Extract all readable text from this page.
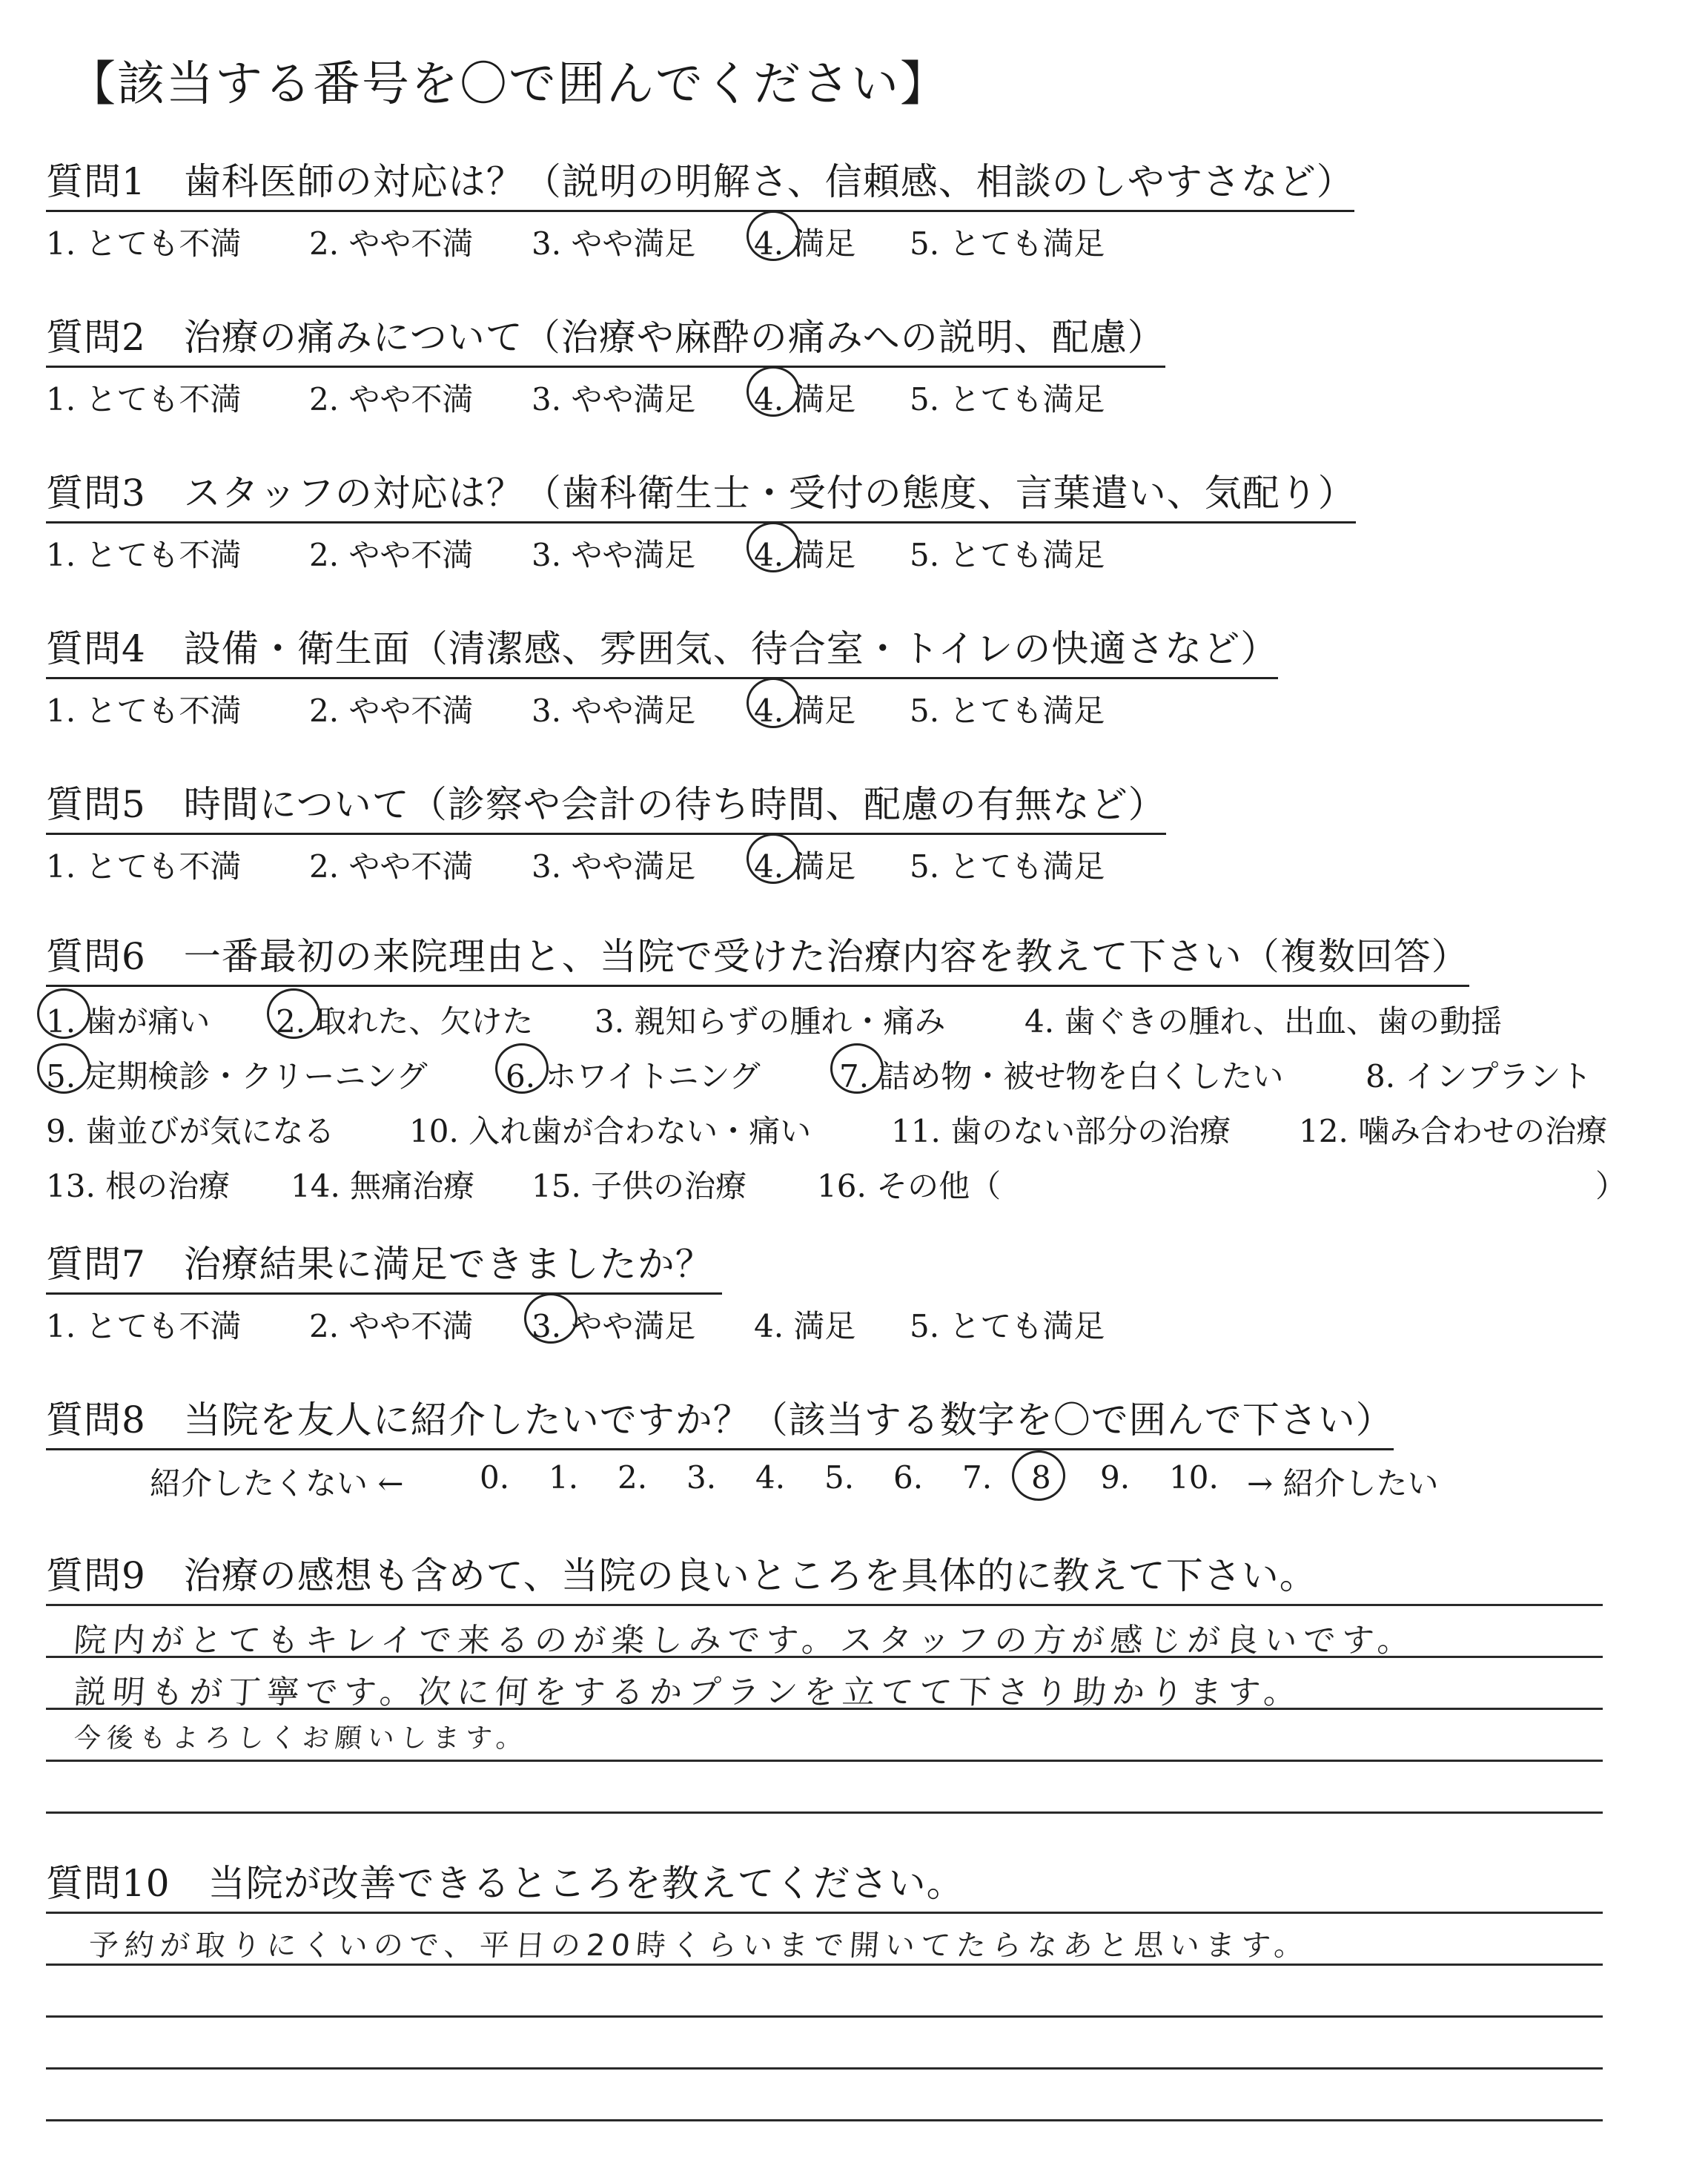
【該当する番号を〇で囲んでください】
質問1　歯科医師の対応は？（説明の明解さ、信頼感、相談のしやすさなど）
1. とても不満 2. やや不満 3. やや満足 4. 満足 5. とても満足
質問2　治療の痛みについて（治療や麻酔の痛みへの説明、配慮）
1. とても不満 2. やや不満 3. やや満足 4. 満足 5. とても満足
質問3　スタッフの対応は？（歯科衛生士・受付の態度、言葉遣い、気配り）
1. とても不満 2. やや不満 3. やや満足 4. 満足 5. とても満足
質問4　設備・衛生面（清潔感、雰囲気、待合室・トイレの快適さなど）
1. とても不満 2. やや不満 3. やや満足 4. 満足 5. とても満足
質問5　時間について（診察や会計の待ち時間、配慮の有無など）
1. とても不満 2. やや不満 3. やや満足 4. 満足 5. とても満足
質問6　一番最初の来院理由と、当院で受けた治療内容を教えて下さい（複数回答）
1. 歯が痛い 2. 取れた、欠けた 3. 親知らずの腫れ・痛み	4. 歯ぐきの腫れ、出血、歯の動揺
5. 定期検診・クリーニング	6. ホワイトニング	7. 詰め物・被せ物を白くしたい	8. インプラント
9. 歯並びが気になる 10. 入れ歯が合わない・痛い	11. 歯のない部分の治療 12. 噛み合わせの治療
13. 根の治療 14. 無痛治療 15. 子供の治療 16. その他（	）
質問7　治療結果に満足できましたか？
1. とても不満 2. やや不満 3. やや満足 4. 満足 5. とても満足
質問8　当院を友人に紹介したいですか？（該当する数字を〇で囲んで下さい）
紹介したくない ← 0. 1. 2. 3. 4. 5. 6. 7. 8 9. 10. → 紹介したい
質問9　治療の感想も含めて、当院の良いところを具体的に教えて下さい。
院内がとてもキレイで来るのが楽しみです。スタッフの方が感じが良いです。
説明もが丁寧です。次に何をするかプランを立てて下さり助かります。
今後もよろしくお願いします。
質問10　当院が改善できるところを教えてください。
予約が取りにくいので、平日の20時くらいまで開いてたらなあと思います。
